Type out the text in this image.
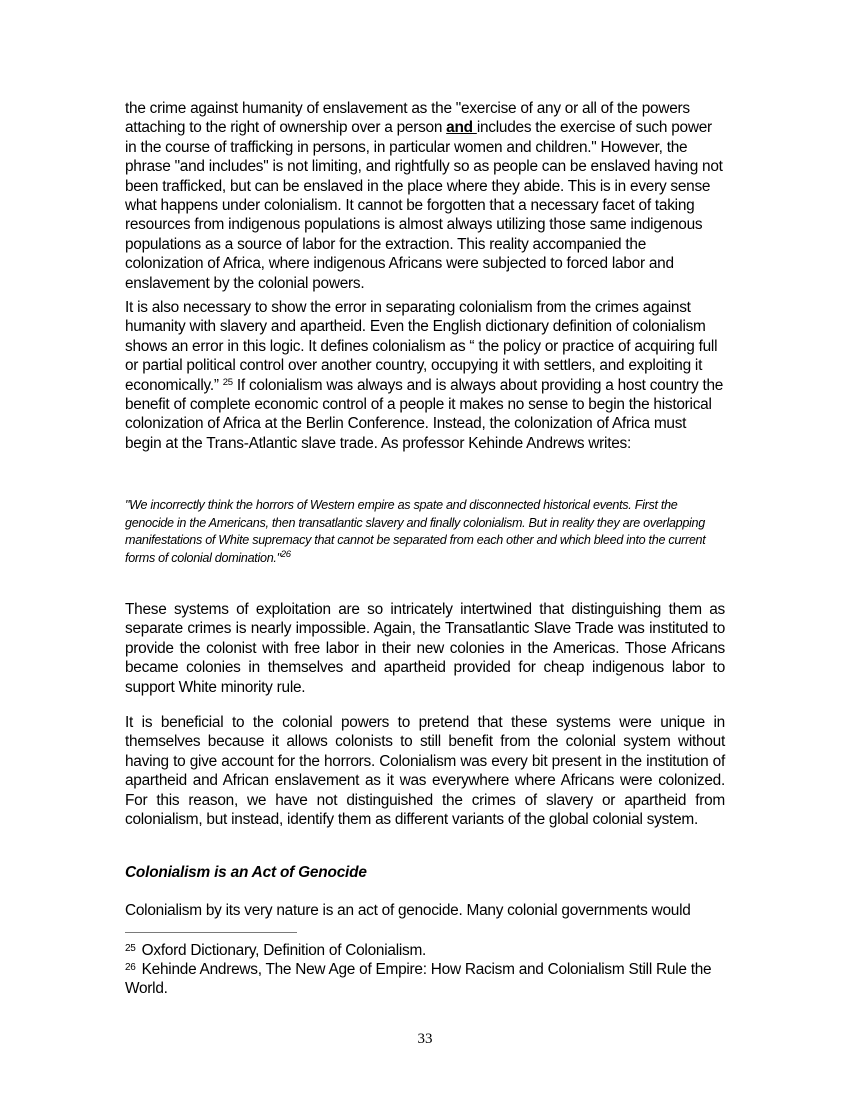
the crime against humanity of enslavement as the "exercise of any or all of the powers attaching to the right of ownership over a person and includes the exercise of such power in the course of trafficking in persons, in particular women and children." However, the phrase "and includes" is not limiting, and rightfully so as people can be enslaved having not been trafficked, but can be enslaved in the place where they abide. This is in every sense what happens under colonialism. It cannot be forgotten that a necessary facet of taking resources from indigenous populations is almost always utilizing those same indigenous populations as a source of labor for the extraction. This reality accompanied the colonization of Africa, where indigenous Africans were subjected to forced labor and enslavement by the colonial powers.

It is also necessary to show the error in separating colonialism from the crimes against humanity with slavery and apartheid. Even the English dictionary definition of colonialism shows an error in this logic. It defines colonialism as “ the policy or practice of acquiring full or partial political control over another country, occupying it with settlers, and exploiting it economically.” $^{25}$ If colonialism was always and is always about providing a host country the benefit of complete economic control of a people it makes no sense to begin the historical colonization of Africa at the Berlin Conference. Instead, the colonization of Africa must begin at the Trans-Atlantic slave trade. As professor Kehinde Andrews writes:

"We incorrectly think the horrors of Western empire as spate and disconnected historical events. First the genocide in the Americans, then transatlantic slavery and finally colonialism. But in reality they are overlapping manifestations of White supremacy that cannot be separated from each other and which bleed into the current forms of colonial domination."$^{26}$

These systems of exploitation are so intricately intertwined that distinguishing them as separate crimes is nearly impossible. Again, the Transatlantic Slave Trade was instituted to provide the colonist with free labor in their new colonies in the Americas. Those Africans became colonies in themselves and apartheid provided for cheap indigenous labor to support White minority rule.

It is beneficial to the colonial powers to pretend that these systems were unique in themselves because it allows colonists to still benefit from the colonial system without having to give account for the horrors. Colonialism was every bit present in the institution of apartheid and African enslavement as it was everywhere where Africans were colonized. For this reason, we have not distinguished the crimes of slavery or apartheid from colonialism, but instead, identify them as different variants of the global colonial system.

Colonialism is an Act of Genocide

Colonialism by its very nature is an act of genocide. Many colonial governments would

$^{25}$ Oxford Dictionary, Definition of Colonialism.
$^{26}$ Kehinde Andrews, The New Age of Empire: How Racism and Colonialism Still Rule the World.
33
